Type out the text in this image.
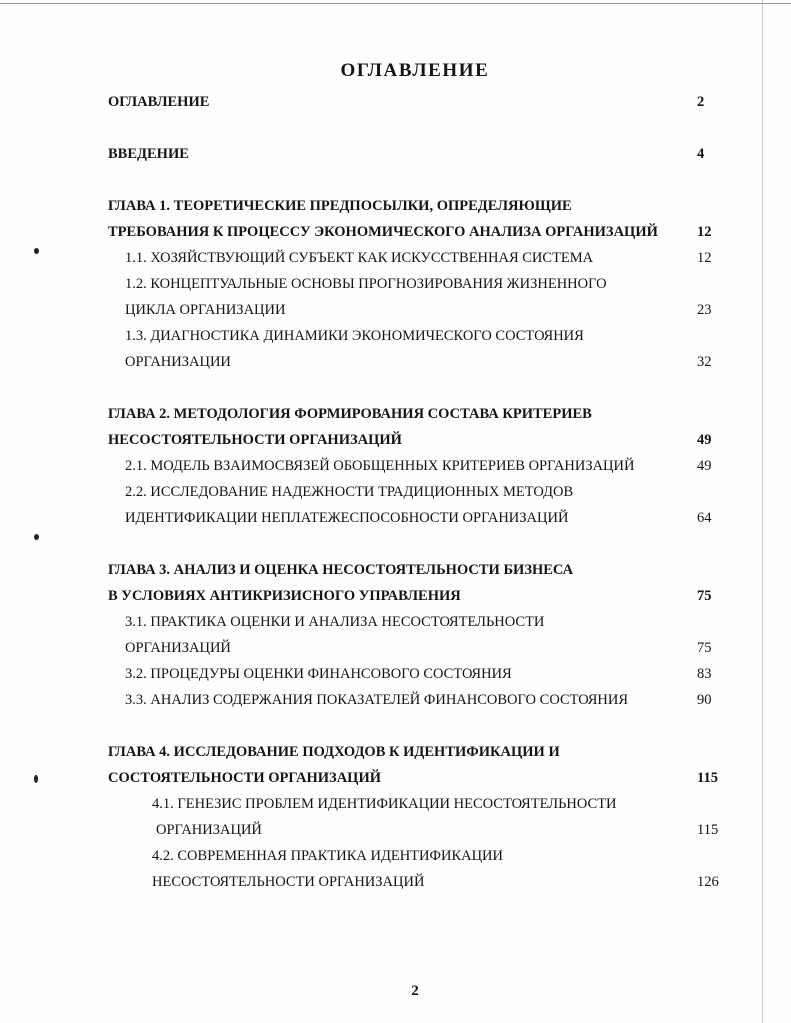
ОГЛАВЛЕНИЕ
ОГЛАВЛЕНИЕ	2
ВВЕДЕНИЕ	4
ГЛАВА 1. ТЕОРЕТИЧЕСКИЕ ПРЕДПОСЫЛКИ, ОПРЕДЕЛЯЮЩИЕ
ТРЕБОВАНИЯ К ПРОЦЕССУ ЭКОНОМИЧЕСКОГО АНАЛИЗА ОРГАНИЗАЦИЙ	12
1.1. ХОЗЯЙСТВУЮЩИЙ СУБЪЕКТ КАК ИСКУССТВЕННАЯ СИСТЕМА	12
1.2. КОНЦЕПТУАЛЬНЫЕ ОСНОВЫ ПРОГНОЗИРОВАНИЯ ЖИЗНЕННОГО
ЦИКЛА ОРГАНИЗАЦИИ	23
1.3. ДИАГНОСТИКА ДИНАМИКИ ЭКОНОМИЧЕСКОГО СОСТОЯНИЯ
ОРГАНИЗАЦИИ	32
ГЛАВА 2. МЕТОДОЛОГИЯ ФОРМИРОВАНИЯ СОСТАВА КРИТЕРИЕВ
НЕСОСТОЯТЕЛЬНОСТИ ОРГАНИЗАЦИЙ	49
2.1. МОДЕЛЬ ВЗАИМОСВЯЗЕЙ ОБОБЩЕННЫХ КРИТЕРИЕВ ОРГАНИЗАЦИЙ	49
2.2. ИССЛЕДОВАНИЕ НАДЕЖНОСТИ ТРАДИЦИОННЫХ МЕТОДОВ
ИДЕНТИФИКАЦИИ НЕПЛАТЕЖЕСПОСОБНОСТИ ОРГАНИЗАЦИЙ	64
ГЛАВА 3. АНАЛИЗ И ОЦЕНКА НЕСОСТОЯТЕЛЬНОСТИ БИЗНЕСА
В УСЛОВИЯХ АНТИКРИЗИСНОГО УПРАВЛЕНИЯ	75
3.1. ПРАКТИКА ОЦЕНКИ И АНАЛИЗА НЕСОСТОЯТЕЛЬНОСТИ
ОРГАНИЗАЦИЙ	75
3.2. ПРОЦЕДУРЫ ОЦЕНКИ ФИНАНСОВОГО СОСТОЯНИЯ	83
3.3. АНАЛИЗ СОДЕРЖАНИЯ ПОКАЗАТЕЛЕЙ ФИНАНСОВОГО СОСТОЯНИЯ	90
ГЛАВА 4. ИССЛЕДОВАНИЕ ПОДХОДОВ К ИДЕНТИФИКАЦИИ И
СОСТОЯТЕЛЬНОСТИ ОРГАНИЗАЦИЙ	115
4.1. ГЕНЕЗИС ПРОБЛЕМ ИДЕНТИФИКАЦИИ НЕСОСТОЯТЕЛЬНОСТИ
ОРГАНИЗАЦИЙ	115
4.2. СОВРЕМЕННАЯ ПРАКТИКА ИДЕНТИФИКАЦИИ
НЕСОСТОЯТЕЛЬНОСТИ ОРГАНИЗАЦИЙ	126
2
